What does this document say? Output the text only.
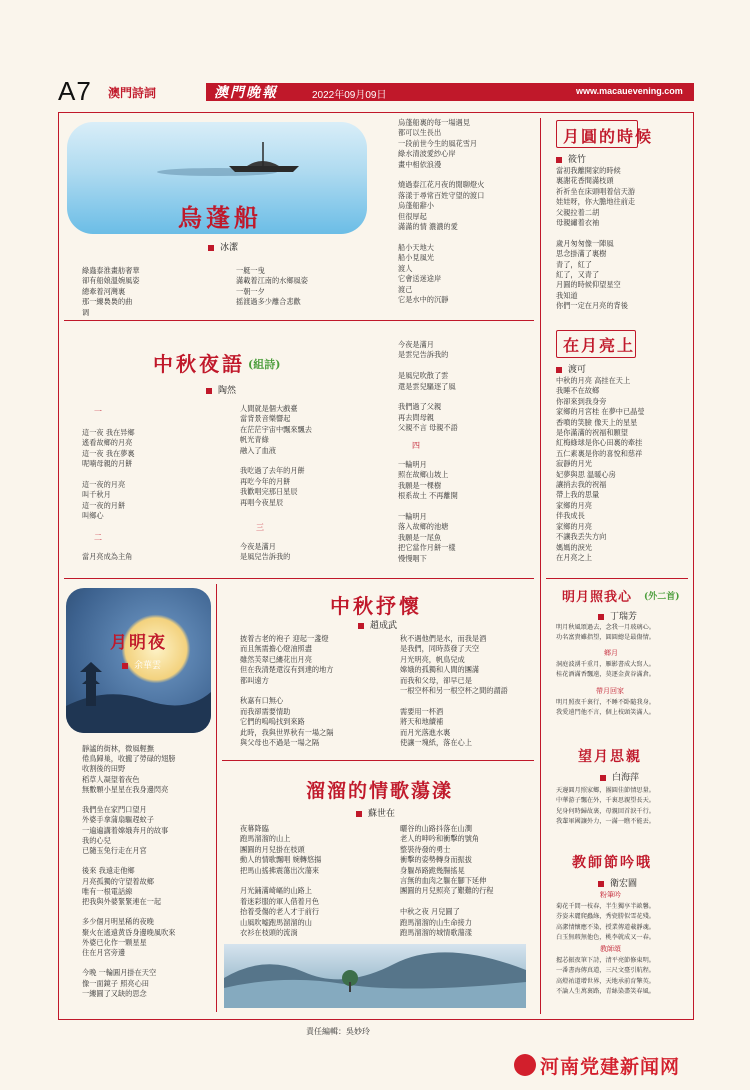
A7 澳門詩詞	澳門晚報	2022年09月09日	www.macauevening.com
烏蓬船
冰潔
綠蟲泰淮畫舫奢華
卻有船娘溫婉風姿
總牽着河灣裏
那一縷裊裊的曲
调
一艇一曳
滿載着江南的水鄉風姿
一朝一夕
摇渡過多少離合悲歡
烏蓬船裏的每一場遇見
都可以生長出
一段前世今生的風花雪月
綠水清波愛紗心岸
畫中相依浪漫

燒過泰江花月夜的閒聊燈火
落漾于尋常百姓守望的渡口
烏蓬船辭小
但很厚起
滿滿的情 濃濃的愛

船小天地大
船小見風光
渡人
它會送迷途岸
渡己
它是水中的沉靜
中秋夜語 (組詩)
陶然
一
這一夜 我在异鄉
遙看故鄉的月亮
這一夜 我在夢裏
呢喃母親的月餅

這一夜的月亮
叫千秋月
這一夜的月餅
叫鄉心
二
當月亮成為主角
人間就是個大戲臺
當背景音樂響起
在茫茫宇宙中飄來飄去
帆光青綠
融入了血液

我吃過了去年的月餅
再吃今年的月餅
我歡唱完那日星辰
再唱今夜星辰
三
今夜是滿月
是風兒告訴我的
今夜是滿月
是雲兒告訴我的

是風兒吹散了雲
還是雲兒驅逐了風

我們過了父親
再去問母親
父親不言 母親不語
四
一輪明月
照在故鄉山坡上
我願是一棵樹
根系故土 不再離開

一輪明月
落入故鄉的池塘
我願是一尾魚
把它當作月餅一樣
慢慢咽下
月圓的時候
筱竹
當初我離開家的時候
裏謝花香間滿枝頭
祈祈坐在床頭唱着信天游
娃娃呀，你大膽地往前走
父親拉着二胡
母親繡着衣袖

歲月匆匆像一陣風
思念掛滿了裏樹
青了，紅了
紅了，又青了
月圓的時候仰望星空
我知道
你們一定在月亮的背後
在月亮上
渡可
中秋的月亮 高挂在天上
我睡不在故鄉
你卻來到我身旁
家鄉的月宮桂 在夢中已晶瑩
香噴的笑臉 像天上的星星
是你滿滿的祝福和願望
紅梅綠球是你心田裏的牽挂
五仁素裏是你的喜悅和慈祥
寂靜的月光
妃夢與思 温暖心房
讓捎去我的祝福
帶上我的思量
家鄉的月亮
伴我成長
家鄉的月亮
不讓我丢失方向
媽媽的淚光
在月亮之上
月明夜
余華雲
靜謐的街林，微風輕撫
倦鳥歸巢，收攏了勞碌的翅膀
收割後的田野
稻草人凝望着夜色
無數顆小星星在我身邊閃亮

我們坐在家門口望月
外婆手拿蒲扇驅趕蚊子
一遍遍講着嫦娥奔月的故事
我的心兒
已隨玉兔行走在月宮

後來 我遠走他鄉
月亮孤獨的守望着故鄉
唯有一根電話線
把我與外婆緊緊連在一起

多少個月明星稀的夜晚
聚火在遙遠黄昏身邊晚風吹來
外婆已化作一颗星星
住在月宮旁邊

今晚 一輪圓月掛在天空
像一面鏡子 照亮心田
一縷圓了又缺的思念
中秋抒懷
趙成武
披着古老的袍子 迎起一盞燈
而且無需擔心燈油照盡
雖然芙翠已縷花出月亮
但在我清楚還沒有到達的地方
都叫遠方

秋嘉有口無心
而我卻需要情助
它們的嗚嗚找到來路
此時，我與世界秋有一場之隔
與父母也不過是一場之隔
秋不遇他們是水，而我是酒
是我們，同時蒸發了天空
月光明亮，帆鳥兒成
嫦娥的孤獨和人間的團滿
而我和父母，卻早已是
一根空杯和另一根空杯之間的謂語

需要用一杯酒
將天和地續補
而月光落進水裏
使讓一塊紙，落在心上
溜溜的情歌蕩漾
蘇世在
夜幕降臨
跑馬溜溜的山上
團圓的月兒掛在枝頭
動人的情歌飄唱 婉轉悠揚
把馬山搖拂震蕩出次蕩來

月光鋪滿崎嶇的山路上
着迷彩服的軍人借着月色
抬着受傷的老人才于前行
山風吹嘘跑馬溜溜的山
衣衫在枝頭的流淌
曬谷的山路抖落在山澗
老人的呻吟和衝擊的號角
整裝待發的勇士
衝擊的姿勢轉身而振拔
身軀昂路跪幾腸搖晃
言無的血肉之軀在腳下延伸
團圓的月兒照亮了艱難的行程

中秋之夜 月兒圓了
跑馬溜溜的山生命接力
跑馬溜溜的城情歌蕩漾
明月照我心 (外二首)
丁瑞芳
明月秋風頌過去，念我一月玻璃心。
功名富貴雖指望，圓圓總是最傷情。
鄉月
洞庭波湧千重月，雁影書成大寫人。
桂花酒滿香飄遠，莫逐金黄谷滿倉。
帶月回家
明月照夜千裏行，不睡不卧隨我身。
我愛遠門他不言，個上枝頭笑滿人。
望月思親
白海萍
天邊圓月照家鄉，團圓佳節情思量。
中華游子飄在外，千裏思親望長天。
兒身何時歸故裏，母親回首淚千行。
我輩軍國讓外力，一滿一瞧不能丟。
教師節吟哦
衛宏圖
粉筆吟
菊花千間一枝春，半生獨享半畝馨。
芬姿未麗爬蟲綠，秀瓷勝似雪花殘。
高潔情懷應不染，授業傳道載靜魂。
白玉無瑕無他色，桃李就成又一春。
教師頌
握芯振夜筆下詩，清平亮節修東明。
一番書海傳真道，三尺文臺引航程。
高燈祐道增世界，天地承前育擎英。
不論人生萬裏路，青絲染盡笑春風。
責任編輯：吳妙玲
河南党建新闻网
